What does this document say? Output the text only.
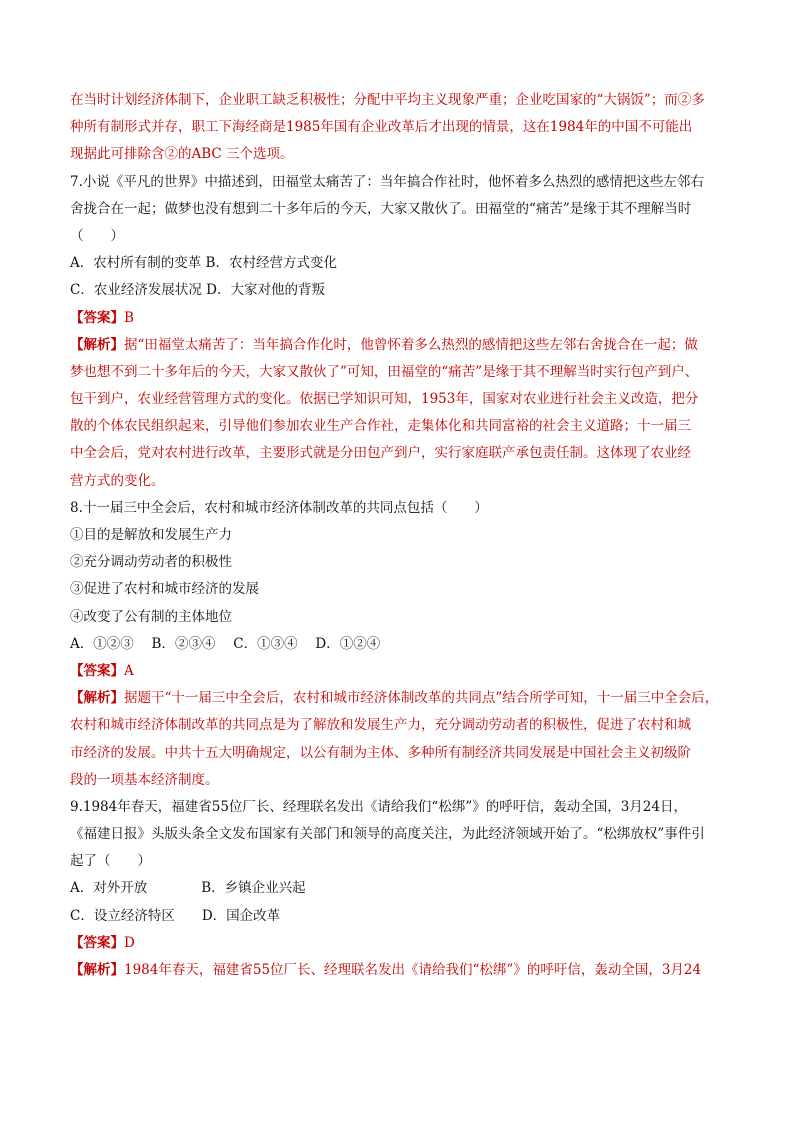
在当时计划经济体制下，企业职工缺乏积极性；分配中平均主义现象严重；企业吃国家的“大锅饭”；而②多
种所有制形式并存，职工下海经商是1985年国有企业改革后才出现的情景，这在1984年的中国不可能出
现据此可排除含②的ABC 三个选项。
7.小说《平凡的世界》中描述到，田福堂太痛苦了：当年搞合作社时，他怀着多么热烈的感情把这些左邻右
舍拢合在一起；做梦也没有想到二十多年后的今天，大家又散伙了。田福堂的“痛苦”是缘于其不理解当时
（　　）
A．农村所有制的变革 B．农村经营方式变化
C．农业经济发展状况 D．大家对他的背叛
【答案】B
【解析】据“田福堂太痛苦了：当年搞合作化时，他曾怀着多么热烈的感情把这些左邻右舍拢合在一起；做
梦也想不到二十多年后的今天，大家又散伙了”可知，田福堂的“痛苦”是缘于其不理解当时实行包产到户、
包干到户，农业经营管理方式的变化。依据已学知识可知，1953年，国家对农业进行社会主义改造，把分
散的个体农民组织起来，引导他们参加农业生产合作社，走集体化和共同富裕的社会主义道路；十一届三
中全会后，党对农村进行改革，主要形式就是分田包产到户，实行家庭联产承包责任制。这体现了农业经
营方式的变化。
8.十一届三中全会后，农村和城市经济体制改革的共同点包括（　　）
①目的是解放和发展生产力
②充分调动劳动者的积极性
③促进了农村和城市经济的发展
④改变了公有制的主体地位
A．①②③　 B．②③④　 C．①③④　 D．①②④
【答案】A
【解析】据题干“十一届三中全会后，农村和城市经济体制改革的共同点”结合所学可知，十一届三中全会后，
农村和城市经济体制改革的共同点是为了解放和发展生产力，充分调动劳动者的积极性，促进了农村和城
市经济的发展。中共十五大明确规定，以公有制为主体、多种所有制经济共同发展是中国社会主义初级阶
段的一项基本经济制度。
9.1984年春天，福建省55位厂长、经理联名发出《请给我们“松绑”》的呼吁信，轰动全国，3月24日，
《福建日报》头版头条全文发布国家有关部门和领导的高度关注，为此经济领域开始了。“松绑放权”事件引
起了（　　）
A．对外开放　　　　B．乡镇企业兴起
C．设立经济特区　　D．国企改革
【答案】D
【解析】1984年春天，福建省55位厂长、经理联名发出《请给我们“松绑”》的呼吁信，轰动全国，3月24
